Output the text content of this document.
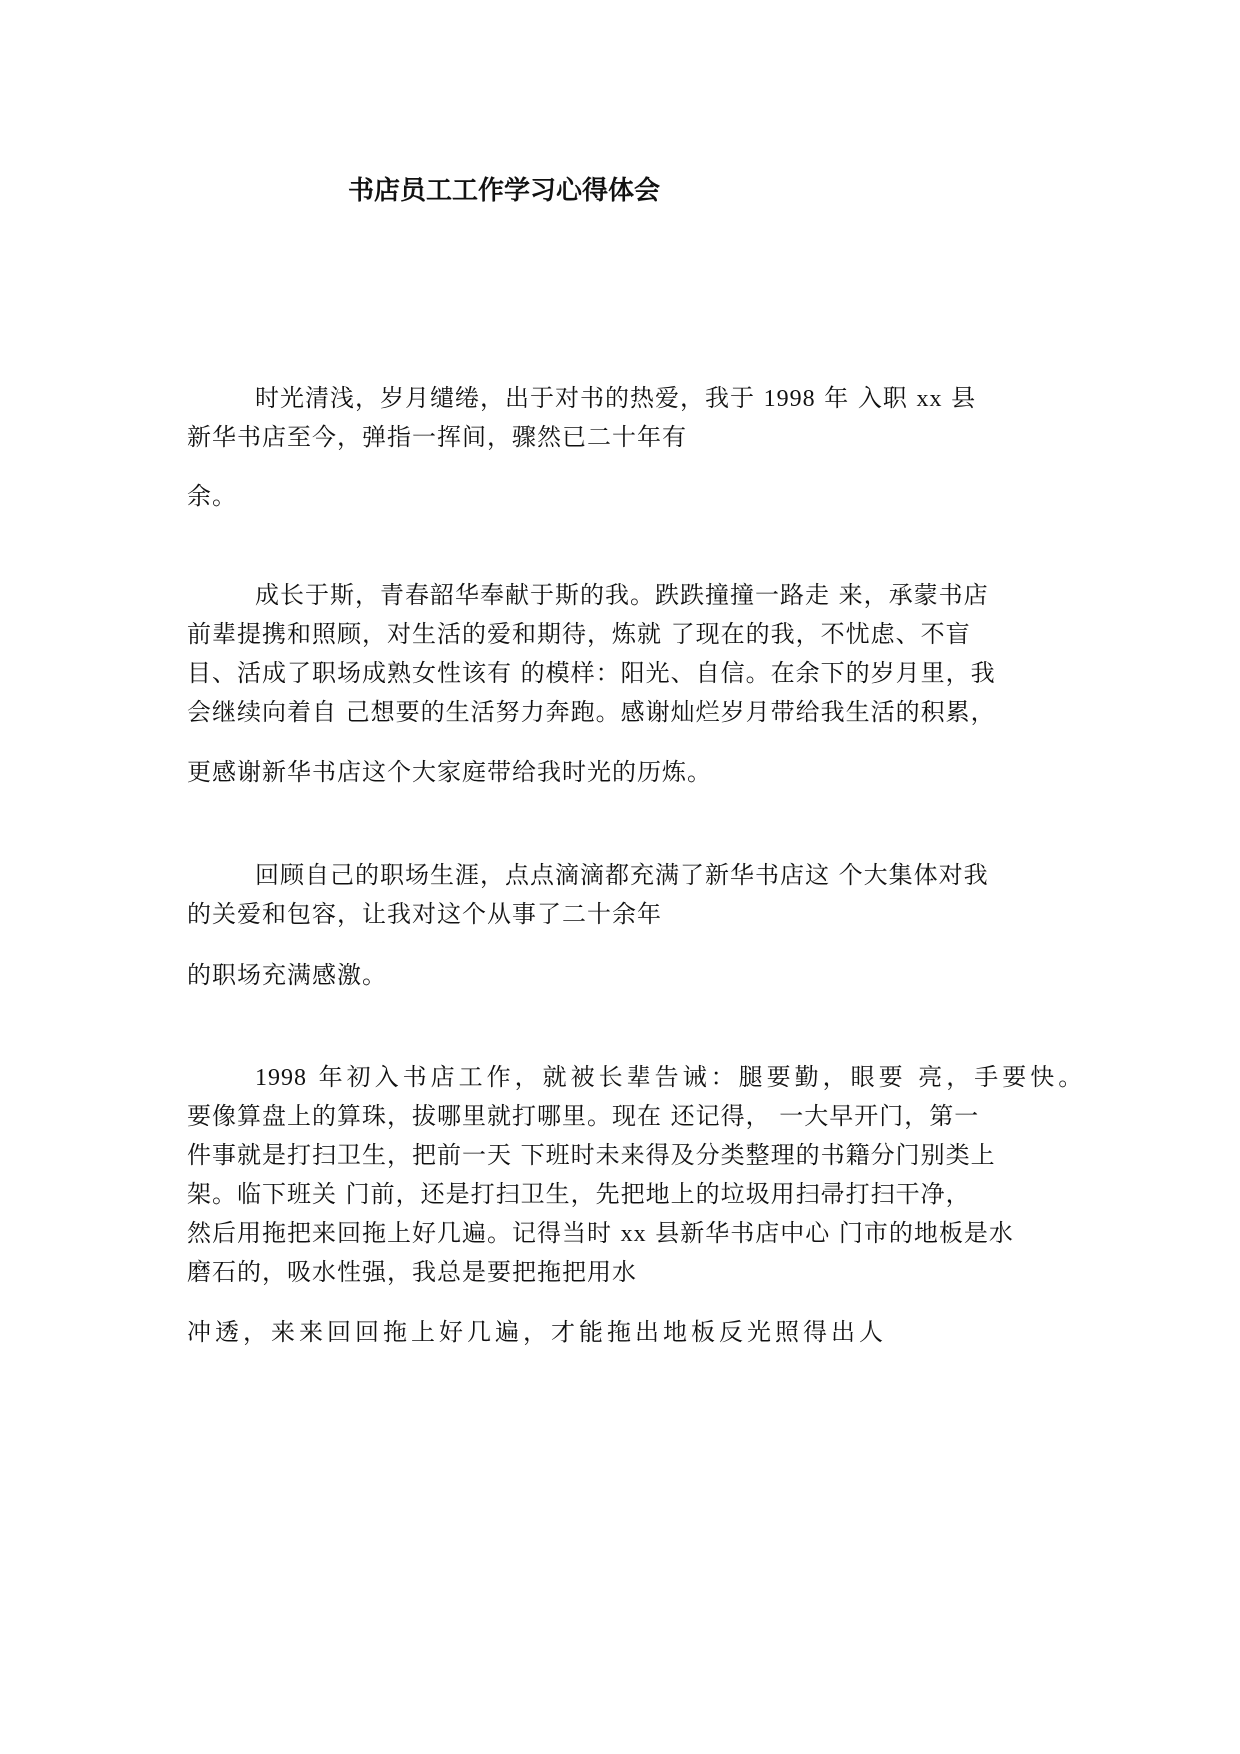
书店员工工作学习心得体会
时光清浅，岁月缱绻，出于对书的热爱，我于 1998 年 入职 xx 县
新华书店至今，弹指一挥间，骤然已二十年有
余。
成长于斯，青春韶华奉献于斯的我。跌跌撞撞一路走 来，承蒙书店
前辈提携和照顾，对生活的爱和期待，炼就 了现在的我，不忧虑、不盲
目、活成了职场成熟女性该有 的模样：阳光、自信。在余下的岁月里，我
会继续向着自 己想要的生活努力奔跑。感谢灿烂岁月带给我生活的积累，
更感谢新华书店这个大家庭带给我时光的历炼。
回顾自己的职场生涯，点点滴滴都充满了新华书店这 个大集体对我
的关爱和包容，让我对这个从事了二十余年
的职场充满感激。
1998 年初入书店工作，就被长辈告诫：腿要勤，眼要 亮，手要快。
要像算盘上的算珠，拔哪里就打哪里。现在 还记得， 一大早开门，第一
件事就是打扫卫生，把前一天 下班时未来得及分类整理的书籍分门别类上
架。临下班关 门前，还是打扫卫生，先把地上的垃圾用扫帚打扫干净，
然后用拖把来回拖上好几遍。记得当时 xx 县新华书店中心 门市的地板是水
磨石的，吸水性强，我总是要把拖把用水
冲透，来来回回拖上好几遍，才能拖出地板反光照得出人
